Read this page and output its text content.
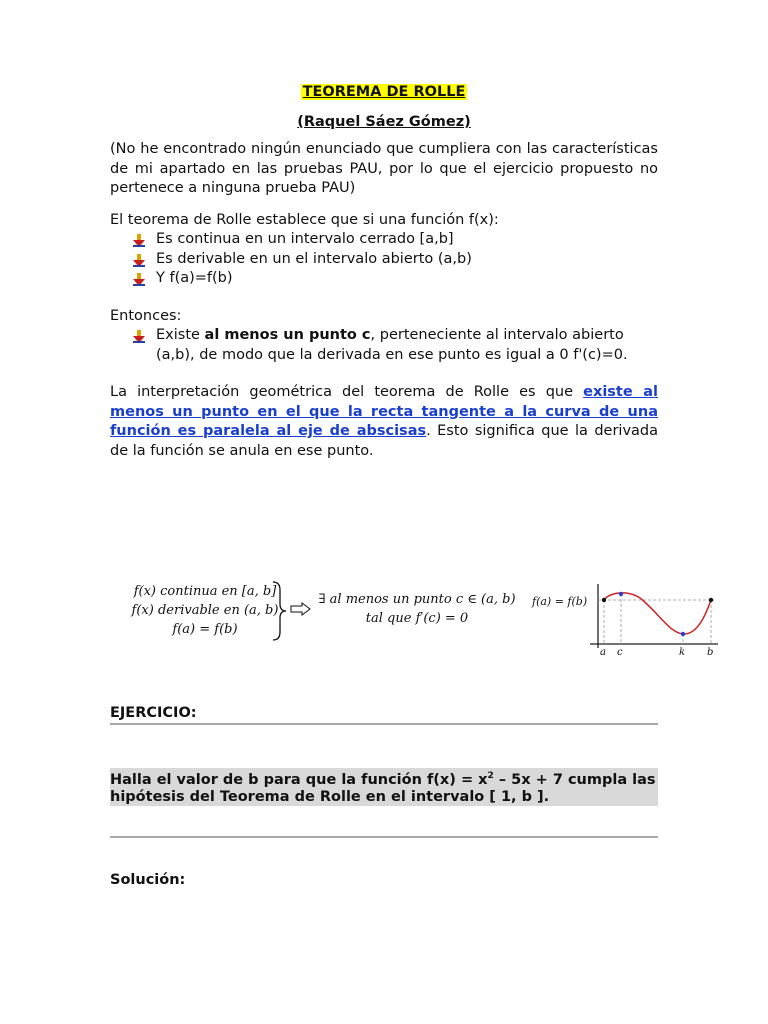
TEOREMA DE ROLLE
(Raquel Sáez Gómez)

(No he encontrado ningún enunciado que cumpliera con las características de mi apartado en las pruebas PAU, por lo que el ejercicio propuesto no pertenece a ninguna prueba PAU)

El teorema de Rolle establece que si una función f(x):

Es continua en un intervalo cerrado [a,b]
Es derivable en un el intervalo abierto (a,b)
Y f(a)=f(b)

Entonces:

Existe al menos un punto c, perteneciente al intervalo abierto (a,b), de modo que la derivada en ese punto es igual a 0 f'(c)=0.

La interpretación geométrica del teorema de Rolle es que existe al menos un punto en el que la recta tangente a la curva de una función es paralela al eje de abscisas. Esto significa que la derivada de la función se anula en ese punto.

f(x) continua en [a, b]
f(x) derivable en (a, b)
f(a) = f(b)
∃ al menos un punto c ∈ (a, b)
tal que f′(c) = 0
f(a) = f(b)
a c	k b
EJERCICIO:
Halla el valor de b para que la función $f(x) = x^2 - 5x + 7$ cumpla las hipótesis del Teorema de Rolle en el intervalo [ 1, b ].
Solución:
